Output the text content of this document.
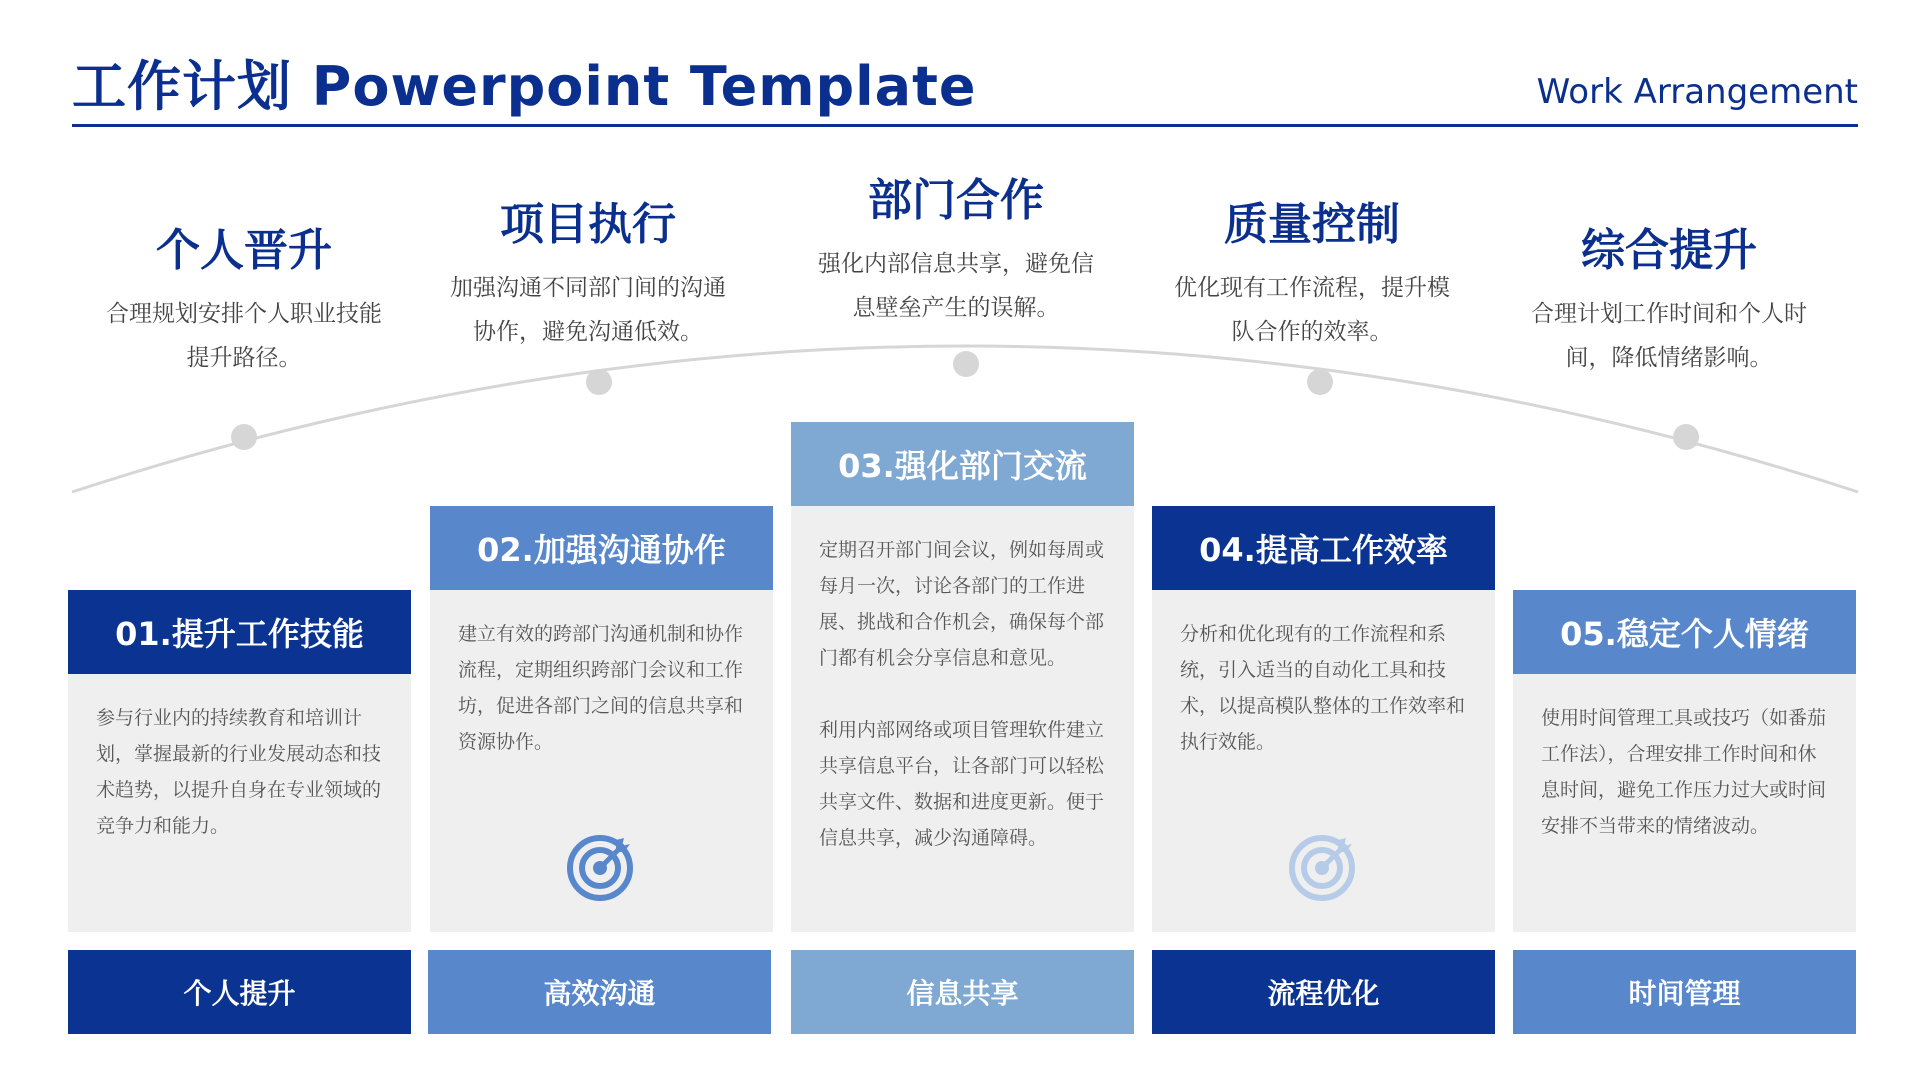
工作计划 Powerpoint Template	Work Arrangement
个人晋升
合理规划安排个人职业技能提升路径。
项目执行
加强沟通不同部门间的沟通协作，避免沟通低效。
部门合作
强化内部信息共享，避免信息壁垒产生的误解。
质量控制
优化现有工作流程，提升模队合作的效率。
综合提升
合理计划工作时间和个人时间，降低情绪影响。
01.提升工作技能

参与行业内的持续教育和培训计划，掌握最新的行业发展动态和技术趋势，以提升自身在专业领域的竞争力和能力。

02.加强沟通协作

建立有效的跨部门沟通机制和协作流程，定期组织跨部门会议和工作坊，促进各部门之间的信息共享和资源协作。

03.强化部门交流

定期召开部门间会议，例如每周或每月一次，讨论各部门的工作进展、挑战和合作机会，确保每个部门都有机会分享信息和意见。

利用内部网络或项目管理软件建立共享信息平台，让各部门可以轻松共享文件、数据和进度更新。便于信息共享，减少沟通障碍。

04.提高工作效率

分析和优化现有的工作流程和系统，引入适当的自动化工具和技术，以提高模队整体的工作效率和执行效能。

05.稳定个人情绪

使用时间管理工具或技巧（如番茄工作法），合理安排工作时间和休息时间，避免工作压力过大或时间安排不当带来的情绪波动。

个人提升	高效沟通	信息共享	流程优化	时间管理
